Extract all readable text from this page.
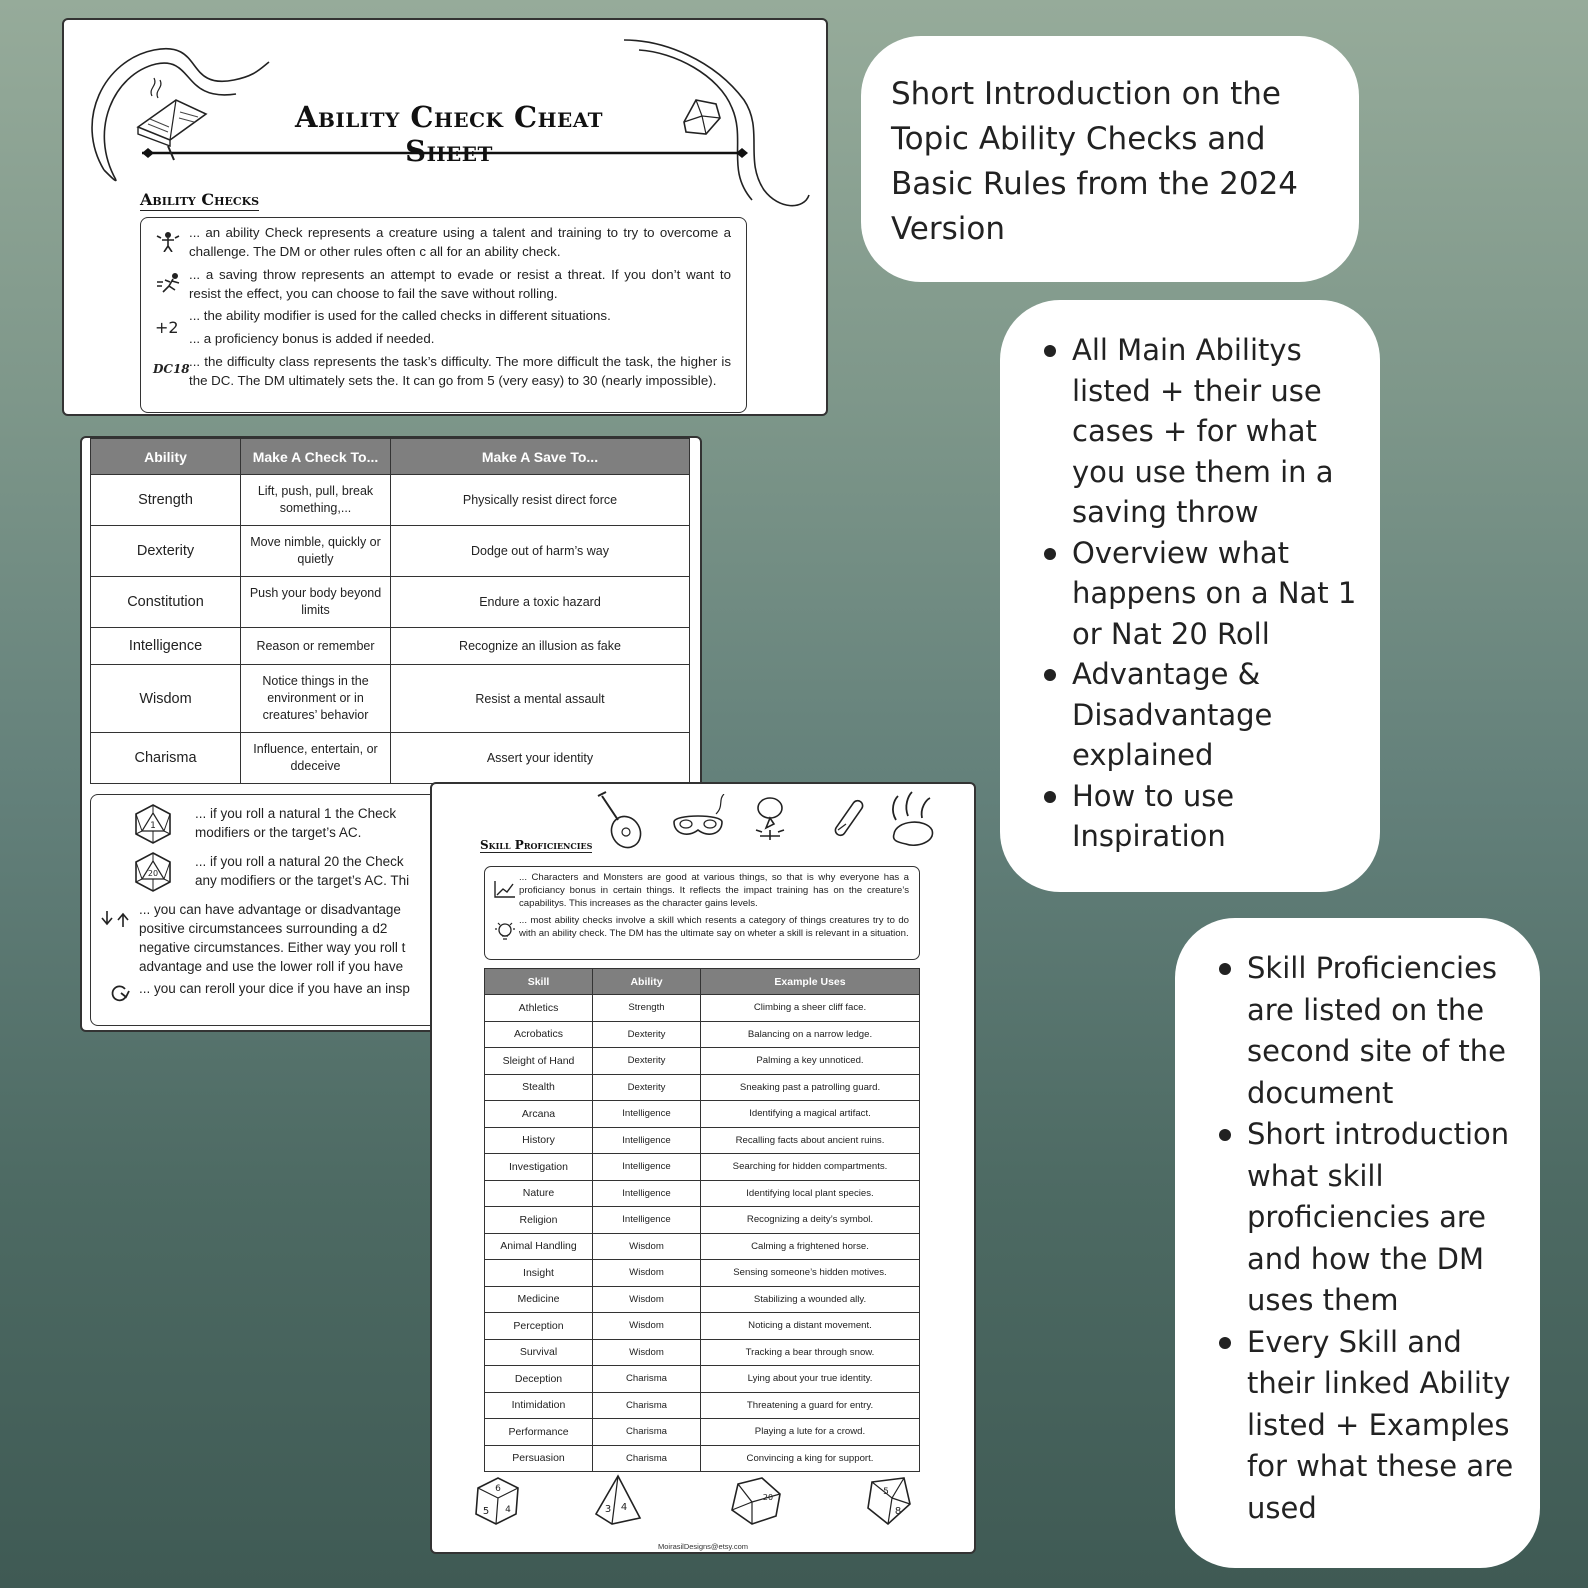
Ability Check Cheat Sheet
Ability Checks
... an ability Check represents a creature using a talent and training to try to overcome a challenge. The DM or other rules often c all for an ability check.
... a saving throw represents an attempt to evade or resist a threat. If you don’t want to resist the effect, you can choose to fail the save without rolling.
+2
... the ability modifier is used for the called checks in different situations.
... a proficiency bonus is added if needed.
DC18 ... the difficulty class represents the task’s difficulty. The more difficult the task, the higher is the DC. The DM ultimately sets the. It can go from 5 (very easy) to 30 (nearly impossible).
Ability	Make A Check To...	Make A Save To...
Strength	Lift, push, pull, break something,...	Physically resist direct force
Dexterity	Move nimble, quickly or quietly	Dodge out of harm’s way
Constitution	Push your body beyond limits	Endure a toxic hazard
Intelligence	Reason or remember	Recognize an illusion as fake
Wisdom	Notice things in the environment or in creatures’ behavior	Resist a mental assault
Charisma	Influence, entertain, or ddeceive	Assert your identity
1
... if you roll a natural 1 the Check
modifiers or the target’s AC.
20
... if you roll a natural 20 the Check
any modifiers or the target’s AC. Thi
... you can have advantage or disadvantage
positive circumstancees surrounding a d2
negative circumstances. Either way you roll t
advantage and use the lower roll if you have
... you can reroll your dice if you have an insp
Skill Proficiencies
... Characters and Monsters are good at various things, so that is why everyone has a proficiancy bonus in certain things. It reflects the impact training has on the creature’s capabilitys. This increases as the character gains levels.
... most ability checks involve a skill which resents a category of things creatures try to do with an ability check. The DM has the ultimate say on wheter a skill is relevant in a situation.
Skill	Ability	Example Uses
Athletics	Strength	Climbing a sheer cliff face.
Acrobatics	Dexterity	Balancing on a narrow ledge.
Sleight of Hand	Dexterity	Palming a key unnoticed.
Stealth	Dexterity	Sneaking past a patrolling guard.
Arcana	Intelligence	Identifying a magical artifact.
History	Intelligence	Recalling facts about ancient ruins.
Investigation	Intelligence	Searching for hidden compartments.
Nature	Intelligence	Identifying local plant species.
Religion	Intelligence	Recognizing a deity’s symbol.
Animal Handling	Wisdom	Calming a frightened horse.
Insight	Wisdom	Sensing someone’s hidden motives.
Medicine	Wisdom	Stabilizing a wounded ally.
Perception	Wisdom	Noticing a distant movement.
Survival	Wisdom	Tracking a bear through snow.
Deception	Charisma	Lying about your true identity.
Intimidation	Charisma	Threatening a guard for entry.
Performance	Charisma	Playing a lute for a crowd.
Persuasion	Charisma	Convincing a king for support.
6
5 4	3 4
20
5
8
MoirasilDesigns@etsy.com
Short Introduction on the Topic Ability Checks and Basic Rules from the 2024 Version
All Main Abilitys listed + their use cases + for what you use them in a saving throw
Overview what happens on a Nat 1 or Nat 20 Roll
Advantage & Disadvantage explained
How to use Inspiration
Skill Proficiencies are listed on the second site of the document
Short introduction what skill proficiencies are and how the DM uses them
Every Skill and their linked Ability listed + Examples for what these are used
